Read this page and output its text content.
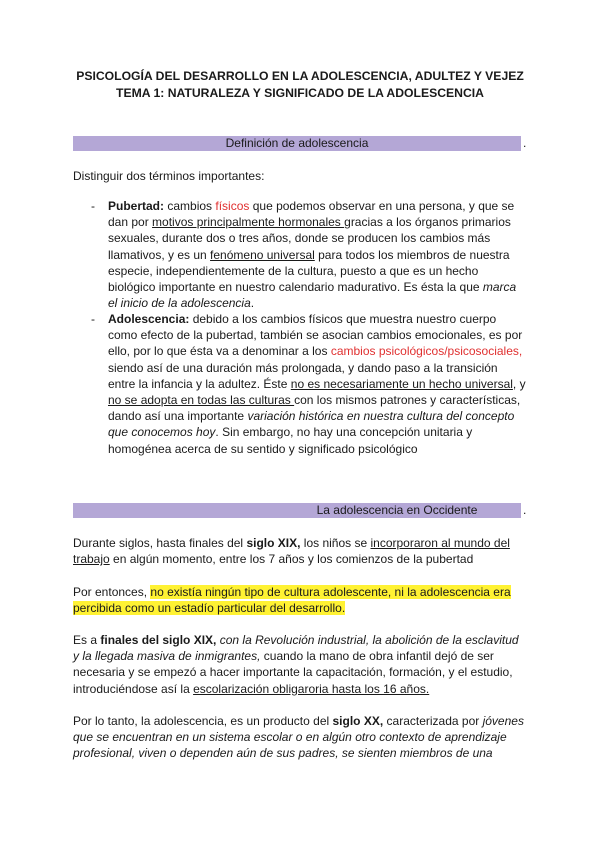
PSICOLOGÍA DEL DESARROLLO EN LA ADOLESCENCIA, ADULTEZ Y VEJEZ
TEMA 1: NATURALEZA Y SIGNIFICADO DE LA ADOLESCENCIA
Definición de adolescencia	.
Distinguir dos términos importantes:
- Pubertad: cambios físicos que podemos observar en una persona, y que se dan por motivos principalmente hormonales gracias a los órganos primarios sexuales, durante dos o tres años, donde se producen los cambios más llamativos, y es un fenómeno universal para todos los miembros de nuestra especie, independientemente de la cultura, puesto a que es un hecho biológico importante en nuestro calendario madurativo. Es ésta la que marca el inicio de la adolescencia.
- Adolescencia: debido a los cambios físicos que muestra nuestro cuerpo como efecto de la pubertad, también se asocian cambios emocionales, es por ello, por lo que ésta va a denominar a los cambios psicológicos/psicosociales, siendo así de una duración más prolongada, y dando paso a la transición entre la infancia y la adultez. Éste no es necesariamente un hecho universal, y no se adopta en todas las culturas con los mismos patrones y características, dando así una importante variación histórica en nuestra cultura del concepto que conocemos hoy. Sin embargo, no hay una concepción unitaria y homogénea acerca de su sentido y significado psicológico
La adolescencia en Occidente	.
Durante siglos, hasta finales del siglo XIX, los niños se incorporaron al mundo del trabajo en algún momento, entre los 7 años y los comienzos de la pubertad
Por entonces, no existía ningún tipo de cultura adolescente, ni la adolescencia era percibida como un estadío particular del desarrollo.
Es a finales del siglo XIX, con la Revolución industrial, la abolición de la esclavitud y la llegada masiva de inmigrantes, cuando la mano de obra infantil dejó de ser necesaria y se empezó a hacer importante la capacitación, formación, y el estudio, introduciéndose así la escolarización obligaroria hasta los 16 años.
Por lo tanto, la adolescencia, es un producto del siglo XX, caracterizada por jóvenes que se encuentran en un sistema escolar o en algún otro contexto de aprendizaje profesional, viven o dependen aún de sus padres, se sienten miembros de una
